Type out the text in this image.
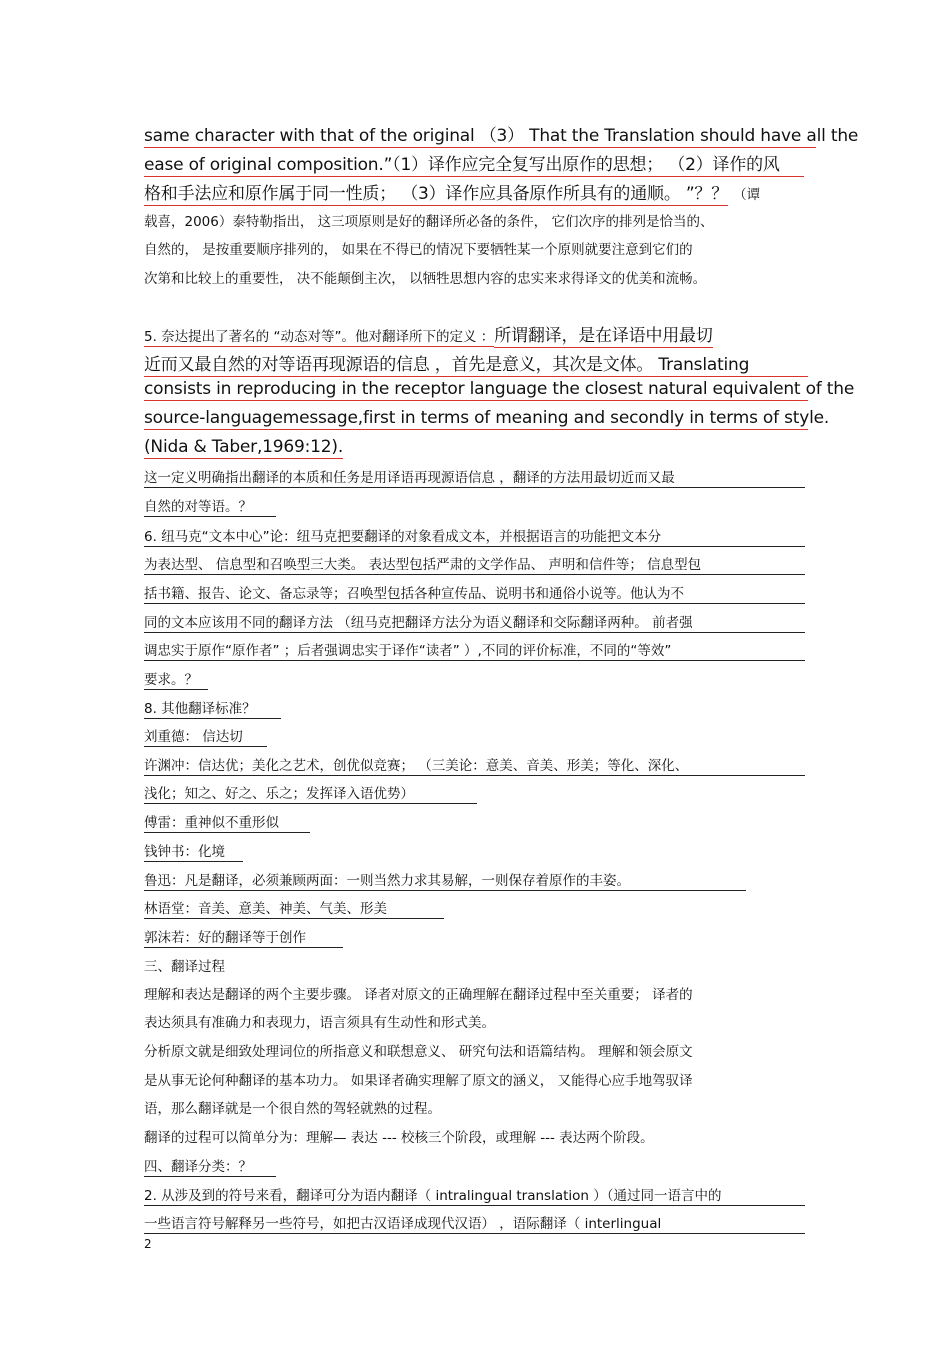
same character with that of the original （3） That the Translation should have all the
ease of original composition.”（1）译作应完全复写出原作的思想； （2）译作的风
格和手法应和原作属于同一性质； （3）译作应具备原作所具有的通顺。 ”？？ （谭
载喜，2006）泰特勒指出， 这三项原则是好的翻译所必备的条件， 它们次序的排列是恰当的、
自然的， 是按重要顺序排列的， 如果在不得已的情况下要牺牲某一个原则就要注意到它们的
次第和比较上的重要性， 决不能颠倒主次， 以牺牲思想内容的忠实来求得译文的优美和流畅。
5. 奈达提出了著名的 “动态对等”。他对翻译所下的定义 ：所谓翻译，是在译语中用最切
近而又最自然的对等语再现源语的信息 ，首先是意义，其次是文体。 Translating
consists in reproducing in the receptor language the closest natural equivalent of the
source-languagemessage,first in terms of meaning and secondly in terms of style.
(Nida & Taber,1969:12).
这一定义明确指出翻译的本质和任务是用译语再现源语信息 ，翻译的方法用最切近而又最
自然的对等语。？
6. 纽马克“文本中心”论：纽马克把要翻译的对象看成文本，并根据语言的功能把文本分
为表达型、 信息型和召唤型三大类。 表达型包括严肃的文学作品、 声明和信件等； 信息型包
括书籍、报告、论文、备忘录等；召唤型包括各种宣传品、说明书和通俗小说等。他认为不
同的文本应该用不同的翻译方法 （纽马克把翻译方法分为语义翻译和交际翻译两种。 前者强
调忠实于原作“原作者” ；后者强调忠实于译作“读者” ）,不同的评价标准，不同的“等效”
要求。？
8. 其他翻译标准？
刘重德： 信达切
许渊冲：信达优；美化之艺术，创优似竞赛； （三美论：意美、音美、形美；等化、深化、
浅化；知之、好之、乐之；发挥译入语优势）
傅雷：重神似不重形似
钱钟书：化境
鲁迅：凡是翻译，必须兼顾两面：一则当然力求其易解，一则保存着原作的丰姿。
林语堂：音美、意美、神美、气美、形美
郭沫若：好的翻译等于创作
三、翻译过程
理解和表达是翻译的两个主要步骤。 译者对原文的正确理解在翻译过程中至关重要； 译者的
表达须具有准确力和表现力，语言须具有生动性和形式美。
分析原文就是细致处理词位的所指意义和联想意义、 研究句法和语篇结构。 理解和领会原文
是从事无论何种翻译的基本功力。 如果译者确实理解了原文的涵义， 又能得心应手地驾驭译
语，那么翻译就是一个很自然的驾轻就熟的过程。
翻译的过程可以简单分为：理解— 表达 --- 校核三个阶段，或理解 --- 表达两个阶段。
四、翻译分类：？
2. 从涉及到的符号来看，翻译可分为语内翻译（ intralingual translation ）（通过同一语言中的
一些语言符号解释另一些符号，如把古汉语译成现代汉语） ，语际翻译（ interlingual
2
